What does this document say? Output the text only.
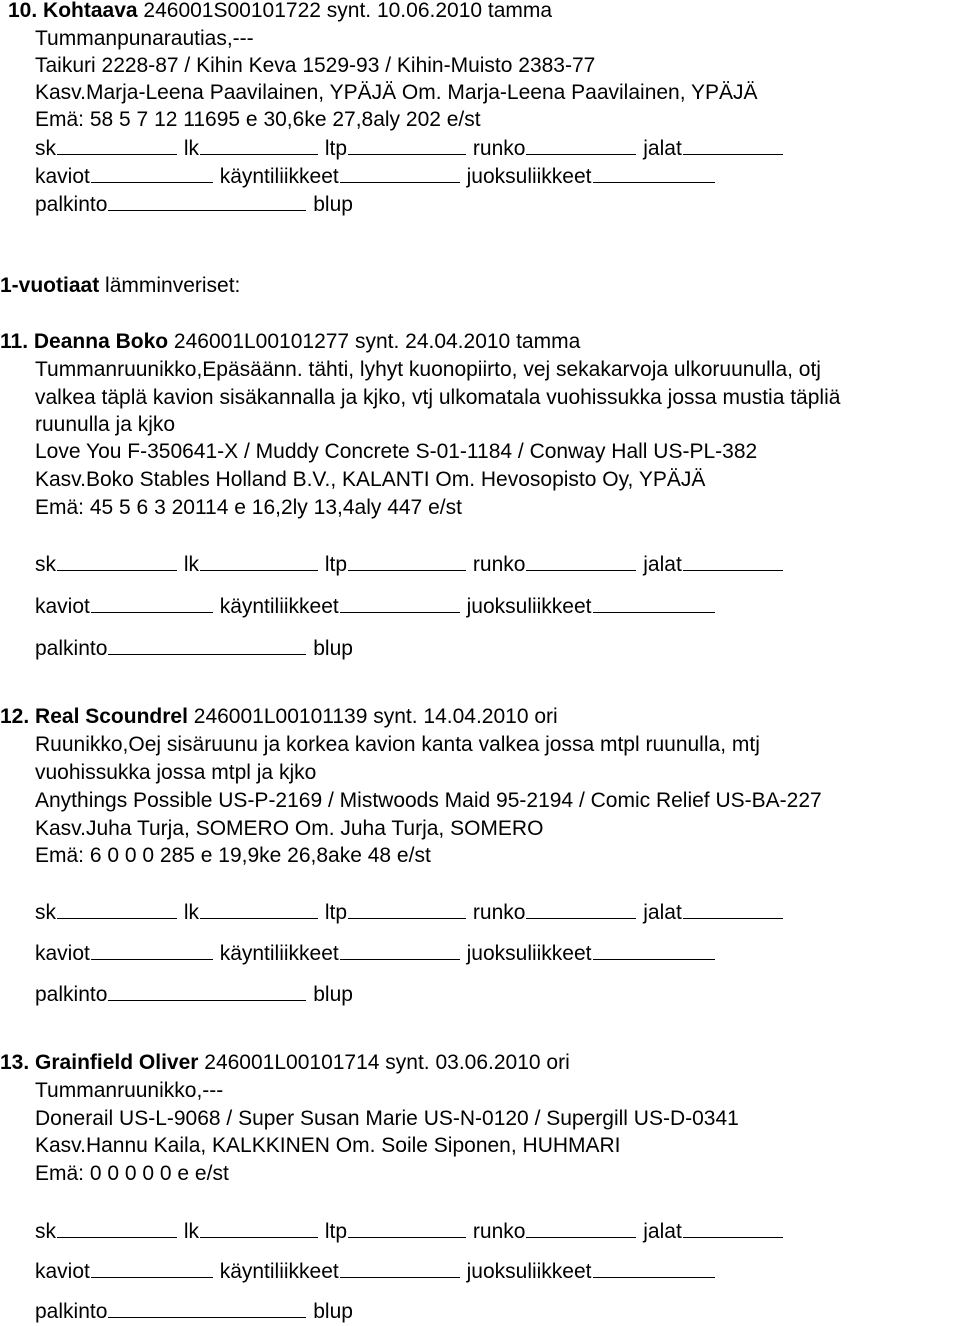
10. Kohtaava 246001S00101722 synt. 10.06.2010 tamma
Tummanpunarautias,---
Taikuri 2228-87 / Kihin Keva 1529-93 / Kihin-Muisto 2383-77
Kasv.Marja-Leena Paavilainen, YPÄJÄ Om. Marja-Leena Paavilainen, YPÄJÄ
Emä: 58 5 7 12 11695 e 30,6ke 27,8aly 202 e/st
sk	lk	ltp	runko	jalat
kaviot	käyntiliikkeet	juoksuliikkeet
palkinto	blup
1-vuotiaat lämminveriset:
11. Deanna Boko 246001L00101277 synt. 24.04.2010 tamma
Tummanruunikko,Epäsäänn. tähti, lyhyt kuonopiirto, vej sekakarvoja ulkoruunulla, otj
valkea täplä kavion sisäkannalla ja kjko, vtj ulkomatala vuohissukka jossa mustia täpliä
ruunulla ja kjko
Love You F-350641-X / Muddy Concrete S-01-1184 / Conway Hall US-PL-382
Kasv.Boko Stables Holland B.V., KALANTI Om. Hevosopisto Oy, YPÄJÄ
Emä: 45 5 6 3 20114 e 16,2ly 13,4aly 447 e/st
sk	lk	ltp	runko	jalat
kaviot	käyntiliikkeet	juoksuliikkeet
palkinto	blup
12. Real Scoundrel 246001L00101139 synt. 14.04.2010 ori
Ruunikko,Oej sisäruunu ja korkea kavion kanta valkea jossa mtpl ruunulla, mtj
vuohissukka jossa mtpl ja kjko
Anythings Possible US-P-2169 / Mistwoods Maid 95-2194 / Comic Relief US-BA-227
Kasv.Juha Turja, SOMERO Om. Juha Turja, SOMERO
Emä: 6 0 0 0 285 e 19,9ke 26,8ake 48 e/st
sk	lk	ltp	runko	jalat
kaviot	käyntiliikkeet	juoksuliikkeet
palkinto	blup
13. Grainfield Oliver 246001L00101714 synt. 03.06.2010 ori
Tummanruunikko,---
Donerail US-L-9068 / Super Susan Marie US-N-0120 / Supergill US-D-0341
Kasv.Hannu Kaila, KALKKINEN Om. Soile Siponen, HUHMARI
Emä: 0 0 0 0 0 e e/st
sk	lk	ltp	runko	jalat
kaviot	käyntiliikkeet	juoksuliikkeet
palkinto	blup
